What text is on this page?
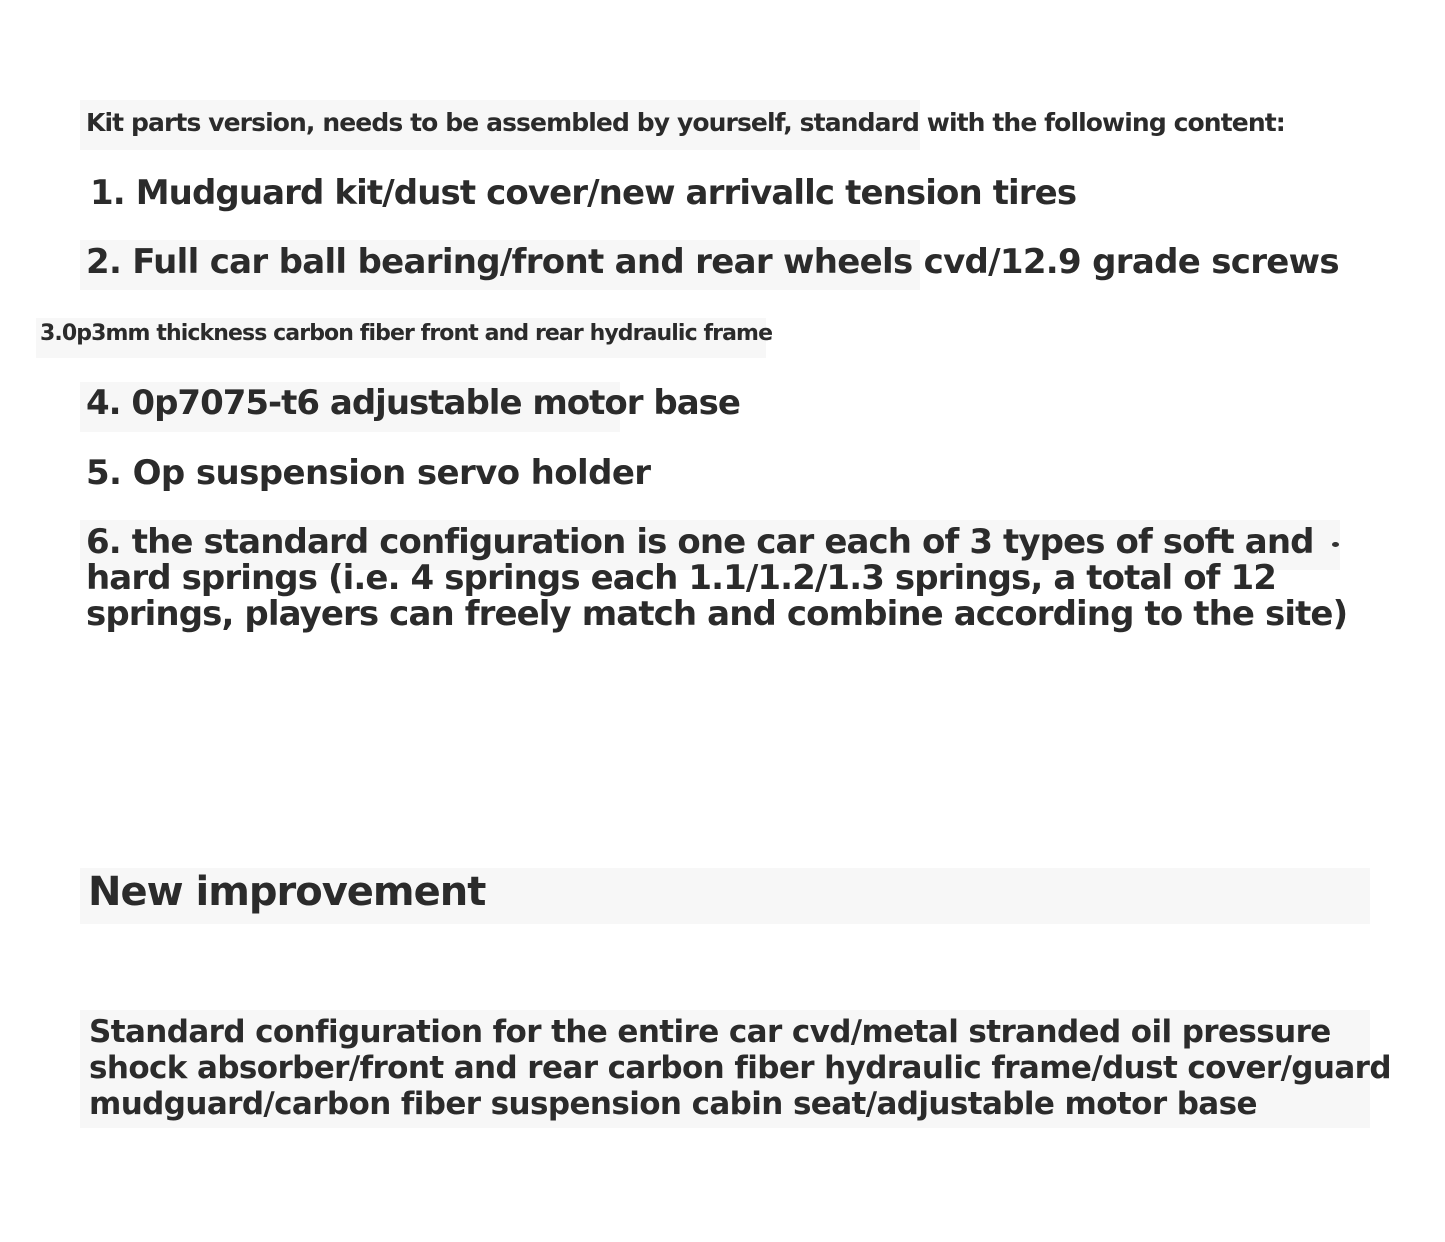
Kit parts version, needs to be assembled by yourself, standard with the following content:
1. Mudguard kit/dust cover/new arrivallc tension tires
2. Full car ball bearing/front and rear wheels cvd/12.9 grade screws
3.0p3mm thickness carbon fiber front and rear hydraulic frame
4. 0p7075-t6 adjustable motor base
5. Op suspension servo holder
6. the standard configuration is one car each of 3 types of soft and
hard springs (i.e. 4 springs each 1.1/1.2/1.3 springs, a total of 12
springs, players can freely match and combine according to the site)
New improvement
Standard configuration for the entire car cvd/metal stranded oil pressure
shock absorber/front and rear carbon fiber hydraulic frame/dust cover/guard
mudguard/carbon fiber suspension cabin seat/adjustable motor base
